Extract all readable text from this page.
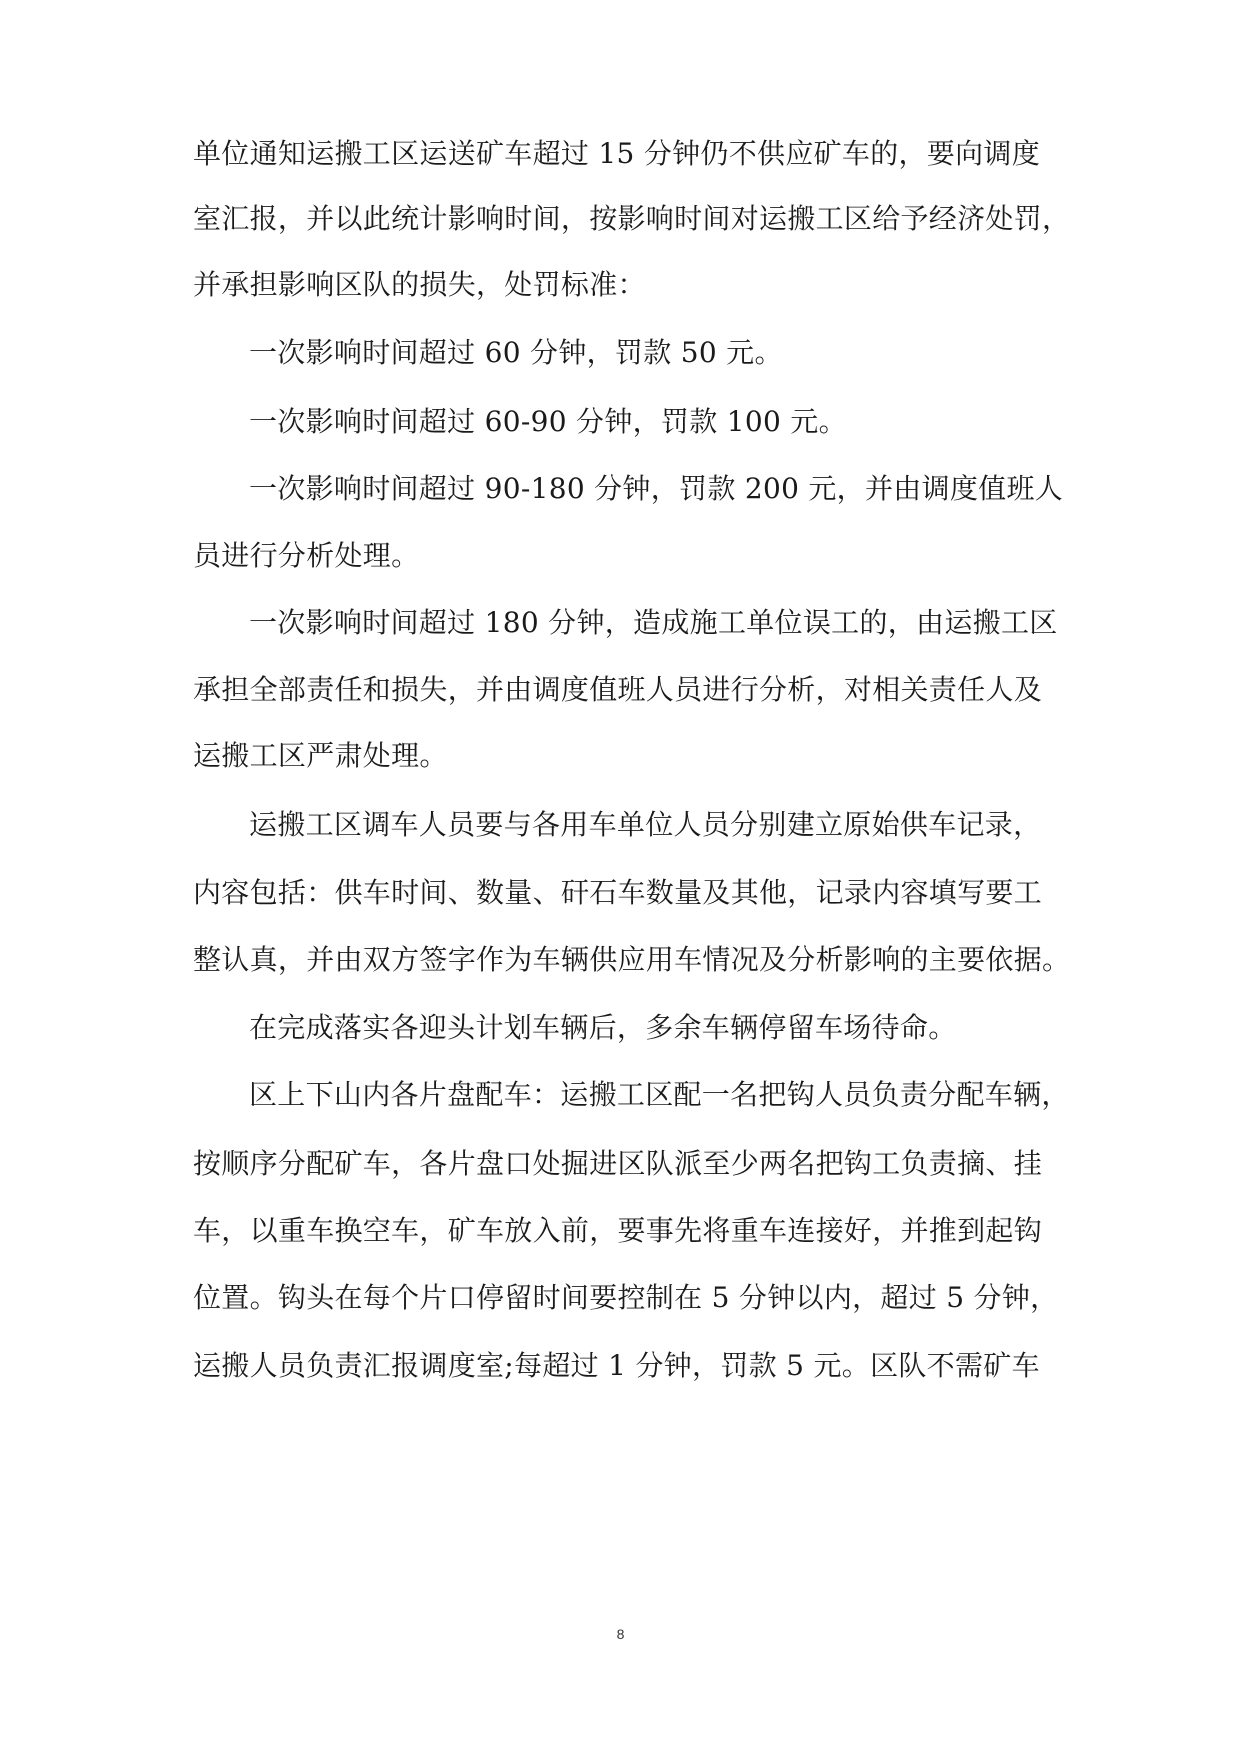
单位通知运搬工区运送矿车超过 15 分钟仍不供应矿车的，要向调度
室汇报，并以此统计影响时间，按影响时间对运搬工区给予经济处罚，
并承担影响区队的损失，处罚标准：
一次影响时间超过 60 分钟，罚款 50 元。
一次影响时间超过 60-90 分钟，罚款 100 元。
一次影响时间超过 90-180 分钟，罚款 200 元，并由调度值班人
员进行分析处理。
一次影响时间超过 180 分钟，造成施工单位误工的，由运搬工区
承担全部责任和损失，并由调度值班人员进行分析，对相关责任人及
运搬工区严肃处理。
运搬工区调车人员要与各用车单位人员分别建立原始供车记录，
内容包括：供车时间、数量、矸石车数量及其他，记录内容填写要工
整认真，并由双方签字作为车辆供应用车情况及分析影响的主要依据。
在完成落实各迎头计划车辆后，多余车辆停留车场待命。
区上下山内各片盘配车：运搬工区配一名把钩人员负责分配车辆，
按顺序分配矿车，各片盘口处掘进区队派至少两名把钩工负责摘、挂
车，以重车换空车，矿车放入前，要事先将重车连接好，并推到起钩
位置。钩头在每个片口停留时间要控制在 5 分钟以内，超过 5 分钟，
运搬人员负责汇报调度室;每超过 1 分钟，罚款 5 元。区队不需矿车
8
